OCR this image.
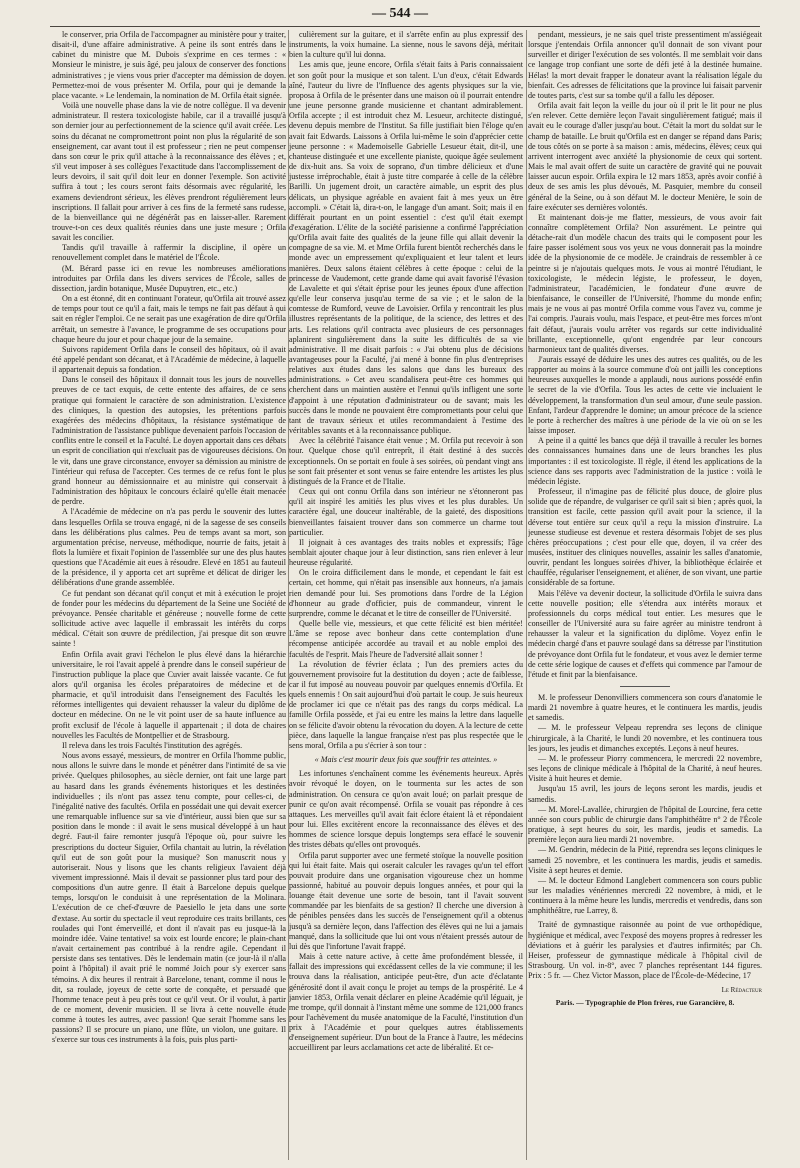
— 544 —

le conserver, pria Orfila de l'accompagner au ministère pour y traiter, disait-il, d'une affaire administrative. A peine ils sont entrés dans le cabinet du ministre que M. Dubois s'exprime en ces termes : « Monsieur le ministre, je suis âgé, peu jaloux de conserver des fonctions administratives ; je viens vous prier d'accepter ma démission de doyen. Permettez-moi de vous présenter M. Orfila, pour qui je demande la place vacante. » Le lendemain, la nomination de M. Orfila était signée.

Voilà une nouvelle phase dans la vie de notre collègue. Il va devenir administrateur. Il restera toxicologiste habile, car il a travaillé jusqu'à son dernier jour au perfectionnement de la science qu'il avait créée. Les soins du décanat ne compromettront point non plus la régularité de son enseignement, car avant tout il est professeur ; rien ne peut compenser dans son cœur le prix qu'il attache à la reconnaissance des élèves ; et, s'il veut imposer à ses collègues l'exactitude dans l'accomplissement de leurs devoirs, il sait qu'il doit leur en donner l'exemple. Son activité suffira à tout ; les cours seront faits désormais avec régularité, les examens deviendront sérieux, les élèves prendront régulièrement leurs inscriptions. Il fallait pour arriver à ces fins de la fermeté sans rudesse, de la bienveillance qui ne dégénérât pas en laisser-aller. Rarement trouve-t-on ces deux qualités réunies dans une juste mesure ; Orfila savait les concilier.

Tandis qu'il travaille à raffermir la discipline, il opère un renouvellement complet dans le matériel de l'École.

(M. Bérard passe ici en revue les nombreuses améliorations introduites par Orfila dans les divers services de l'École, salles de dissection, jardin botanique, Musée Dupuytren, etc., etc.)

On a est étonné, dit en continuant l'orateur, qu'Orfila ait trouvé assez de temps pour tout ce qu'il a fait, mais le temps ne fait pas défaut à qui sait en régler l'emploi. Ce ne serait pas une exagération de dire qu'Orfila arrêtait, un semestre à l'avance, le programme de ses occupations pour chaque heure du jour et pour chaque jour de la semaine.

Suivons rapidement Orfila dans le conseil des hôpitaux, où il avait été appelé pendant son décanat, et à l'Académie de médecine, à laquelle il appartenait depuis sa fondation.

Dans le conseil des hôpitaux il donnait tous les jours de nouvelles preuves de ce tact exquis, de cette entente des affaires, de ce sens pratique qui formaient le caractère de son administration. L'existence des cliniques, la question des autopsies, les prétentions parfois exagérées des médecins d'hôpitaux, la résistance systématique de l'administration de l'assistance publique devenaient parfois l'occasion de conflits entre le conseil et la Faculté. Le doyen apportait dans ces débats un esprit de conciliation qui n'excluait pas de vigoureuses décisions. On le vit, dans une grave circonstance, envoyer sa démission au ministre de l'intérieur qui refusa de l'accepter. Ces termes de ce refus font le plus grand honneur au démissionnaire et au ministre qui conservait à l'administration des hôpitaux le concours éclairé qu'elle était menacée de perdre.

A l'Académie de médecine on n'a pas perdu le souvenir des luttes dans lesquelles Orfila se trouva engagé, ni de la sagesse de ses conseils dans les délibérations plus calmes. Peu de temps avant sa mort, son argumentation précise, nerveuse, méthodique, nourrie de faits, jetait à flots la lumière et fixait l'opinion de l'assemblée sur une des plus hautes questions que l'Académie ait eues à résoudre. Elevé en 1851 au fauteuil de la présidence, il y apporta cet art suprême et délicat de diriger les délibérations d'une grande assemblée.

Ce fut pendant son décanat qu'il conçut et mit à exécution le projet de fonder pour les médecins du département de la Seine une Société de prévoyance. Pensée charitable et généreuse ; nouvelle forme de cette sollicitude active avec laquelle il embrassait les intérêts du corps médical. C'était son œuvre de prédilection, j'ai presque dit son œuvre sainte !

Enfin Orfila avait gravi l'échelon le plus élevé dans la hiérarchie universitaire, le roi l'avait appelé à prendre dans le conseil supérieur de l'instruction publique la place que Cuvier avait laissée vacante. Ce fut alors qu'il organisa les écoles préparatoires de médecine et de pharmacie, et qu'il introduisit dans l'enseignement des Facultés les réformes intelligentes qui devaient rehausser la valeur du diplôme de docteur en médecine. On ne le vit point user de sa haute influence au profit exclusif de l'école à laquelle il appartenait ; il dota de chaires nouvelles les Facultés de Montpellier et de Strasbourg.

Il releva dans les trois Facultés l'institution des agrégés.

Nous avons essayé, messieurs, de montrer en Orfila l'homme public, nous allons le suivre dans le monde et pénétrer dans l'intimité de sa vie privée. Quelques philosophes, au siècle dernier, ont fait une large part au hasard dans les grands événements historiques et les destinées individuelles ; ils n'ont pas assez tenu compte, pour celles-ci, de l'inégalité native des facultés. Orfila en possédait une qui devait exercer une remarquable influence sur sa vie d'intérieur, aussi bien que sur sa position dans le monde : il avait le sens musical développé à un haut degré. Faut-il faire remonter jusqu'à l'époque où, pour suivre les prescriptions du docteur Siguier, Orfila chantait au lutrin, la révélation qu'il eut de son goût pour la musique? Son manuscrit nous y autoriserait. Nous y lisons que les chants religieux l'avaient déjà vivement impressionné. Mais il devait se passionner plus tard pour des compositions d'un autre genre. Il était à Barcelone depuis quelque temps, lorsqu'on le conduisit à une représentation de la Molinara. L'exécution de ce chef-d'œuvre de Paesiello le jeta dans une sorte d'extase. Au sortir du spectacle il veut reproduire ces traits brillants, ces roulades qui l'ont émerveillé, et dont il n'avait pas eu jusque-là la moindre idée. Vaine tentative! sa voix est lourde encore; le plain-chant n'avait certainement pas contribué à la rendre agile. Cependant il persiste dans ses tentatives. Dès le lendemain matin (ce jour-là il n'alla point à l'hôpital) il avait prié le nommé Joich pour s'y exercer sans témoins. A dix heures il rentrait à Barcelone, tenant, comme il nous le dit, sa roulade, joyeux de cette sorte de conquête, et persuadé que l'homme tenace peut à peu près tout ce qu'il veut. Or il voulut, à partir de ce moment, devenir musicien. Il se livra à cette nouvelle étude comme à toutes les autres, avec passion! Que serait l'homme sans les passions? Il se procure un piano, une flûte, un violon, une guitare. Il s'exerce sur tous ces instruments à la fois, puis plus parti-

culièrement sur la guitare, et il s'arrête enfin au plus expressif des instruments, la voix humaine. La sienne, nous le savons déjà, méritait bien la culture qu'il lui donna.

Les amis que, jeune encore, Orfila s'était faits à Paris connaissaient et son goût pour la musique et son talent. L'un d'eux, c'était Edwards aîné, l'auteur du livre de l'Influence des agents physiques sur la vie, proposa à Orfila de le présenter dans une maison où il pourrait entendre une jeune personne grande musicienne et chantant admirablement. Orfila accepte ; il est introduit chez M. Lesueur, architecte distingué, devenu depuis membre de l'Institut. Sa fille justifiait bien l'éloge qu'en avait fait Edwards. Laissons à Orfila lui-même le soin d'apprécier cette jeune personne : « Mademoiselle Gabrielle Lesueur était, dit-il, une chanteuse distinguée et une excellente pianiste, quoique âgée seulement de dix-huit ans. Sa voix de soprano, d'un timbre délicieux et d'une justesse irréprochable, était à juste titre comparée à celle de la célèbre Barilli. Un jugement droit, un caractère aimable, un esprit des plus délicats, un physique agréable en avaient fait à mes yeux un être accompli. » C'était là, dira-t-on, le langage d'un amant. Soit; mais il en différait pourtant en un point essentiel : c'est qu'il était exempt d'exagération. L'élite de la société parisienne a confirmé l'appréciation qu'Orfila avait faite des qualités de la jeune fille qui allait devenir la compagne de sa vie. M. et Mme Orfila furent bientôt recherchés dans le monde avec un empressement qu'expliquaient et leur talent et leurs manières. Deux salons étaient célèbres à cette époque : celui de la princesse de Vaudemont, cette grande dame qui avait favorisé l'évasion de Lavalette et qui s'était éprise pour les jeunes époux d'une affection qu'elle leur conserva jusqu'au terme de sa vie ; et le salon de la comtesse de Rumford, veuve de Lavoisier. Orfila y rencontrait les plus illustres représentants de la politique, de la science, des lettres et des arts. Les relations qu'il contracta avec plusieurs de ces personnages aplanirent singulièrement dans la suite les difficultés de sa vie administrative. Il me disait parfois : « J'ai obtenu plus de décisions avantageuses pour la Faculté, j'ai mené à bonne fin plus d'entreprises relatives aux études dans les salons que dans les bureaux des administrations. » Cet aveu scandalisera peut-être ces hommes qui cherchent dans un maintien austère et l'ennui qu'ils infligent une sorte d'appoint à une réputation d'administrateur ou de savant; mais les succès dans le monde ne pouvaient être compromettants pour celui que tant de travaux sérieux et utiles recommandaient à l'estime des véritables savants et à la reconnaissance publique.

Avec la célébrité l'aisance était venue ; M. Orfila put recevoir à son tour. Quelque chose qu'il entreprît, il était destiné à des succès exceptionnels. On se portait en foule à ses soirées, où pendant vingt ans se sont fait présenter et sont venus se faire entendre les artistes les plus distingués de la France et de l'Italie.

Ceux qui ont connu Orfila dans son intérieur ne s'étonneront pas qu'il ait inspiré les amitiés les plus vives et les plus durables. Un caractère égal, une douceur inaltérable, de la gaieté, des dispositions bienveillantes faisaient trouver dans son commerce un charme tout particulier.

Il joignait à ces avantages des traits nobles et expressifs; l'âge semblait ajouter chaque jour à leur distinction, sans rien enlever à leur heureuse régularité.

On le croira difficilement dans le monde, et cependant le fait est certain, cet homme, qui n'était pas insensible aux honneurs, n'a jamais rien demandé pour lui. Ses promotions dans l'ordre de la Légion d'honneur au grade d'officier, puis de commandeur, vinrent le surprendre, comme le décanat et le titre de conseiller de l'Université.

Quelle belle vie, messieurs, et que cette félicité est bien méritée! L'âme se repose avec bonheur dans cette contemplation d'une récompense anticipée accordée au travail et au noble emploi des facultés de l'esprit. Mais l'heure de l'adversité allait sonner !

La révolution de février éclata ; l'un des premiers actes du gouvernement provisoire fut la destitution du doyen ; acte de faiblesse, car il fut imposé au nouveau pouvoir par quelques ennemis d'Orfila. Et quels ennemis ! On sait aujourd'hui d'où partait le coup. Je suis heureux de proclamer ici que ce n'était pas des rangs du corps médical. La famille Orfila possède, et j'ai eu entre les mains la lettre dans laquelle on se félicite d'avoir obtenu la révocation du doyen. A la lecture de cette pièce, dans laquelle la langue française n'est pas plus respectée que le sens moral, Orfila a pu s'écrier à son tour :

« Mais c'est mourir deux fois que souffrir tes atteintes. »

Les infortunes s'enchaînent comme les événements heureux. Après avoir révoqué le doyen, on le tourmenta sur les actes de son administration. On censura ce qu'on avait loué; on parlait presque de punir ce qu'on avait récompensé. Orfila se vouait pas répondre à ces attaques. Les merveilles qu'il avait fait éclore étaient là et répondaient pour lui. Elles excitèrent encore la reconnaissance des élèves et des hommes de science lorsque depuis longtemps sera effacé le souvenir des tristes débats qu'elles ont provoqués.

Orfila parut supporter avec une fermeté stoïque la nouvelle position qui lui était faite. Mais qui oserait calculer les ravages qu'un tel effort pouvait produire dans une organisation vigoureuse chez un homme passionné, habitué au pouvoir depuis longues années, et pour qui la louange était devenue une sorte de besoin, tant il l'avait souvent commandée par les bienfaits de sa gestion? Il cherche une diversion à de pénibles pensées dans les succès de l'enseignement qu'il a obtenus jusqu'à sa dernière leçon, dans l'affection des élèves qui ne lui a jamais manqué, dans la sollicitude que lui ont vous n'étaient pressés autour de lui dès que l'infortune l'avait frappé.

Mais à cette nature active, à cette âme profondément blessée, il fallait des impressions qui excédassent celles de la vie commune; il les trouva dans la réalisation, anticipée peut-être, d'un acte d'éclatante générosité dont il avait conçu le projet au temps de la prospérité. Le 4 janvier 1853, Orfila venait déclarer en pleine Académie qu'il léguait, je me trompe, qu'il donnait à l'instant même une somme de 121,000 francs pour l'achèvement du musée anatomique de la Faculté, l'institution d'un prix à l'Académie et pour quelques autres établissements d'enseignement supérieur. D'un bout de la France à l'autre, les médecins accueillirent par leurs acclamations cet acte de libéralité. Et ce-

pendant, messieurs, je ne sais quel triste pressentiment m'assiégeait lorsque j'entendais Orfila annoncer qu'il donnait de son vivant pour surveiller et diriger l'exécution de ses volontés. Il me semblait voir dans ce langage trop confiant une sorte de défi jeté à la destinée humaine. Hélas! la mort devait frapper le donateur avant la réalisation légale du bienfait. Ces adresses de félicitations que la province lui faisait parvenir de toutes parts, c'est sur sa tombe qu'il a fallu les déposer.

Orfila avait fait leçon la veille du jour où il prit le lit pour ne plus s'en relever. Cette dernière leçon l'avait singulièrement fatigué; mais il avait eu le courage d'aller jusqu'au bout. C'était la mort du soldat sur le champ de bataille. Le bruit qu'Orfila est en danger se répand dans Paris; de tous côtés on se porte à sa maison : amis, médecins, élèves; ceux qui arrivent interrogent avec anxiété la physionomie de ceux qui sortent. Mais le mal avait offert de suite un caractère de gravité qui ne pouvait laisser aucun espoir. Orfila expira le 12 mars 1853, après avoir confié à deux de ses amis les plus dévoués, M. Pasquier, membre du conseil général de la Seine, ou à son défaut M. le docteur Menière, le soin de faire exécuter ses dernières volontés.

Et maintenant dois-je me flatter, messieurs, de vous avoir fait connaître complètement Orfila? Non assurément. Le peintre qui détache-rait d'un modèle chacun des traits qui le composent pour les faire passer isolément sous vos yeux ne vous donnerait pas la moindre idée de la physionomie de ce modèle. Je craindrais de ressembler à ce peintre si je n'ajoutais quelques mots. Je vous ai montré l'étudiant, le toxicologiste, le médecin légiste, le professeur, le doyen, l'administrateur, l'académicien, le fondateur d'une œuvre de bienfaisance, le conseiller de l'Université, l'homme du monde enfin; mais je ne vous ai pas montré Orfila comme vous l'avez vu, comme je l'ai compris. J'aurais voulu, mais l'espace, et peut-être mes forces m'ont fait défaut, j'aurais voulu arrêter vos regards sur cette individualité brillante, exceptionnelle, qu'ont engendrée par leur concours harmonieux tant de qualités diverses.

J'aurais essayé de déduire les unes des autres ces qualités, ou de les rapporter au moins à la source commune d'où ont jailli les conceptions heureuses auxquelles le monde a applaudi, nous aurions possédé enfin le secret de la vie d'Orfila. Tous les actes de cette vie incluaient le développement, la transformation d'un seul amour, d'une seule passion. Enfant, l'ardeur d'apprendre le domine; un amour précoce de la science le porte à rechercher des maîtres à une période de la vie où on se les laisse imposer.

A peine il a quitté les bancs que déjà il travaille à reculer les bornes des connaissances humaines dans une de leurs branches les plus importantes : il est toxicologiste. Il règle, il étend les applications de la science dans ses rapports avec l'administration de la justice : voilà le médecin légiste.

Professeur, il n'imagine pas de félicité plus douce, de gloire plus solide que de répandre, de vulgariser ce qu'il sait si bien ; après quoi, la transition est facile, cette passion qu'il avait pour la science, il la déverse tout entière sur ceux qu'il a reçu la mission d'instruire. La jeunesse studieuse est devenue et restera désormais l'objet de ses plus chères préoccupations ; c'est pour elle que, doyen, il va créer des musées, instituer des cliniques nouvelles, assainir les salles d'anatomie, ouvrir, pendant les longues soirées d'hiver, la bibliothèque éclairée et chauffée, régulariser l'enseignement, et aliéner, de son vivant, une partie considérable de sa fortune.

Mais l'élève va devenir docteur, la sollicitude d'Orfila le suivra dans cette nouvelle position; elle s'étendra aux intérêts moraux et professionnels du corps médical tout entier. Les mesures que le conseiller de l'Université aura su faire agréer au ministre tendront à rehausser la valeur et la signification du diplôme. Voyez enfin le médecin chargé d'ans et pauvre soulagé dans sa détresse par l'institution de prévoyance dont Orfila fut le fondateur, et vous avez le dernier terme de cette série logique de causes et d'effets qui commence par l'amour de l'étude et finit par la bienfaisance.

M. le professeur Denonvilliers commencera son cours d'anatomie le mardi 21 novembre à quatre heures, et le continuera les mardis, jeudis et samedis.

— M. le professeur Velpeau reprendra ses leçons de clinique chirurgicale, à la Charité, le lundi 20 novembre, et les continuera tous les jours, les jeudis et dimanches exceptés. Leçons à neuf heures.

— M. le professeur Piorry commencera, le mercredi 22 novembre, ses leçons de clinique médicale à l'hôpital de la Charité, à neuf heures. Visite à huit heures et demie.

Jusqu'au 15 avril, les jours de leçons seront les mardis, jeudis et samedis.

— M. Morel-Lavallée, chirurgien de l'hôpital de Lourcine, fera cette année son cours public de chirurgie dans l'amphithéâtre n° 2 de l'École pratique, à sept heures du soir, les mardis, jeudis et samedis. La première leçon aura lieu mardi 21 novembre.

— M. Gendrin, médecin de la Pitié, reprendra ses leçons cliniques le samedi 25 novembre, et les continuera les mardis, jeudis et samedis. Visite à sept heures et demie.

— M. le docteur Edmond Langlebert commencera son cours public sur les maladies vénériennes mercredi 22 novembre, à midi, et le continuera à la même heure les lundis, mercredis et vendredis, dans son amphithéâtre, rue Larrey, 8.

Traité de gymnastique raisonnée au point de vue orthopédique, hygiénique et médical, avec l'exposé des moyens propres à redresser les déviations et à guérir les paralysies et d'autres infirmités; par Ch. Heiser, professeur de gymnastique médicale à l'hôpital civil de Strasbourg. Un vol. in-8°, avec 7 planches représentant 144 figures. Prix : 5 fr. — Chez Victor Masson, place de l'École-de-Médecine, 17

Le Rédacteur
Paris. — Typographie de Plon frères, rue Garancière, 8.
